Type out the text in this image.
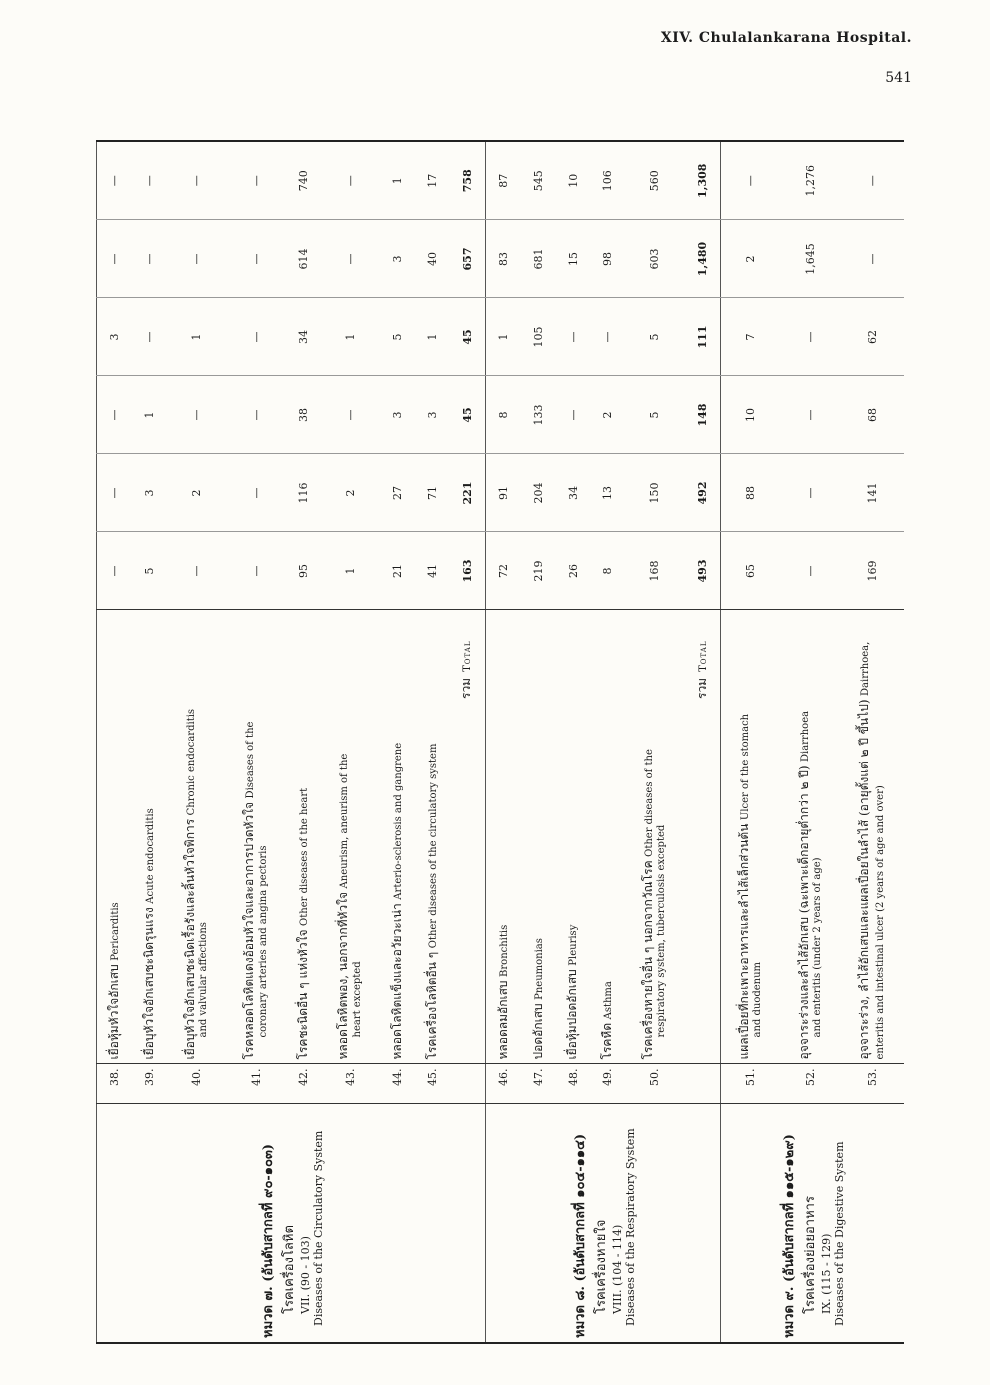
XIV. Chulalankarana Hospital.
541
หมวด ๗. (อันดับสากลที่ ๙๐-๑๐๓) โรคเครื่องโลหิต VII. (90 - 103) Diseases of the Circulatory System	38.	เยื่อหุ้มหัวใจอักเสบ Pericarditis	—	—	—	3	—	—
	39.	เยื่อบุหัวใจอักเสบชะนิดรุนแรง Acute endocarditis	5	3	1	—	—	—
	40.	เยื่อบุหัวใจอักเสบชะนิดเรื้อรังและลิ้นหัวใจพิการ Chronic endocarditis
and valvular affections	—	2	—	1	—	—
	41.	โรคหลอดโลหิตแดงอ้อมหัวใจและอาการปวดหัวใจ Diseases of the
coronary arteries and angina pectoris	—	—	—	—	—	—
	42.	โรคชะนิดอื่น ๆ แห่งหัวใจ Other diseases of the heart	95	116	38	34	614	740
	43.	หลอดโลหิตพอง, นอกจากที่หัวใจ Aneurism, aneurism of the
heart excepted	1	2	—	1	—	—
	44.	หลอดโลหิตแข็งและอวัยวะเน่า Arterio-sclerosis and gangrene	21	27	3	5	3	1
	45.	โรคเครื่องโลหิตอื่น ๆ Other diseases of the circulatory system	41	71	3	1	40	17
		รวมTotal	163	221	45	45	657	758

หมวด ๘. (อันดับสากลที่ ๑๐๔-๑๑๔) โรคเครื่องหายใจ VIII. (104 - 114) Diseases of the Respiratory System	46.	หลอดลมอักเสบ Bronchitis	72	91	8	1	83	87
	47.	ปอดอักเสบ Pneumonias	219	204	133	105	681	545
	48.	เยื่อหุ้มปอดอักเสบ Pleurisy	26	34	—	—	15	10
	49.	โรคหืด Asthma	8	13	2	—	98	106
	50.	โรคเครื่องหายใจอื่น ๆ นอกจากวัณโรค Other diseases of the
respiratory system, tuberculosis excepted	168	150	5	5	603	560
		รวมTotal	493	492	148	111	1,480	1,308

หมวด ๙. (อันดับสากลที่ ๑๑๕-๑๒๙) โรคเครื่องย่อยอาหาร IX. (115 - 129) Diseases of the Digestive System	51.	แผลเปื่อยที่กะเพาะอาหารและลำไส้เล็กส่วนต้น Ulcer of the stomach
and duodenum	65	88	10	7	2	—
	52.	อุจจาระร่วงและลำไส้อักเสบ (ฉะเพาะเด็กอายุต่ำกว่า ๒ ปี) Diarrhoea
and enteritis (under 2 years of age)	—	—	—	—	1,645	1,276
	53.	อุจจาระร่วง, ลำไส้อักเสบและแผลเปื่อยในลำไส้ (อายุตั้งแต่ ๒ ปี ขึ้นไป) Dairrhoea, enteritis and intestinal ulcer (2 years of age and over)	169	141	68	62	—	—
